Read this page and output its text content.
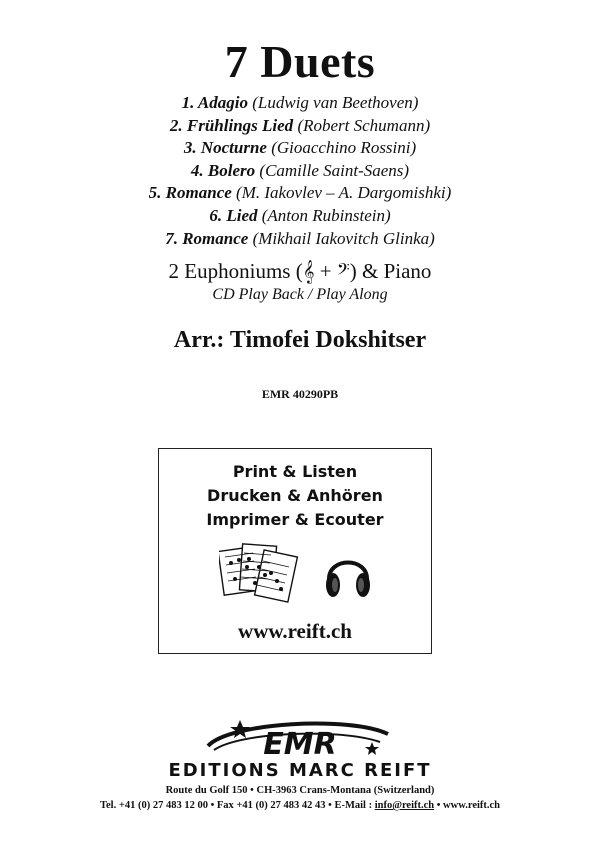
7 Duets
1. Adagio (Ludwig van Beethoven)
2. Frühlings Lied (Robert Schumann)
3. Nocturne (Gioacchino Rossini)
4. Bolero (Camille Saint-Saens)
5. Romance (M. Iakovlev – A. Dargomishki)
6. Lied (Anton Rubinstein)
7. Romance (Mikhail Iakovitch Glinka)
2 Euphoniums (𝄞 + 𝄢) & Piano
CD Play Back / Play Along
Arr.: Timofei Dokshitser
EMR 40290PB
Print & Listen
Drucken & Anhören
Imprimer & Ecouter
www.reift.ch
EMR
EDITIONS MARC REIFT
Route du Golf 150 • CH-3963 Crans-Montana (Switzerland)
Tel. +41 (0) 27 483 12 00 • Fax +41 (0) 27 483 42 43 • E-Mail : info@reift.ch • www.reift.ch
